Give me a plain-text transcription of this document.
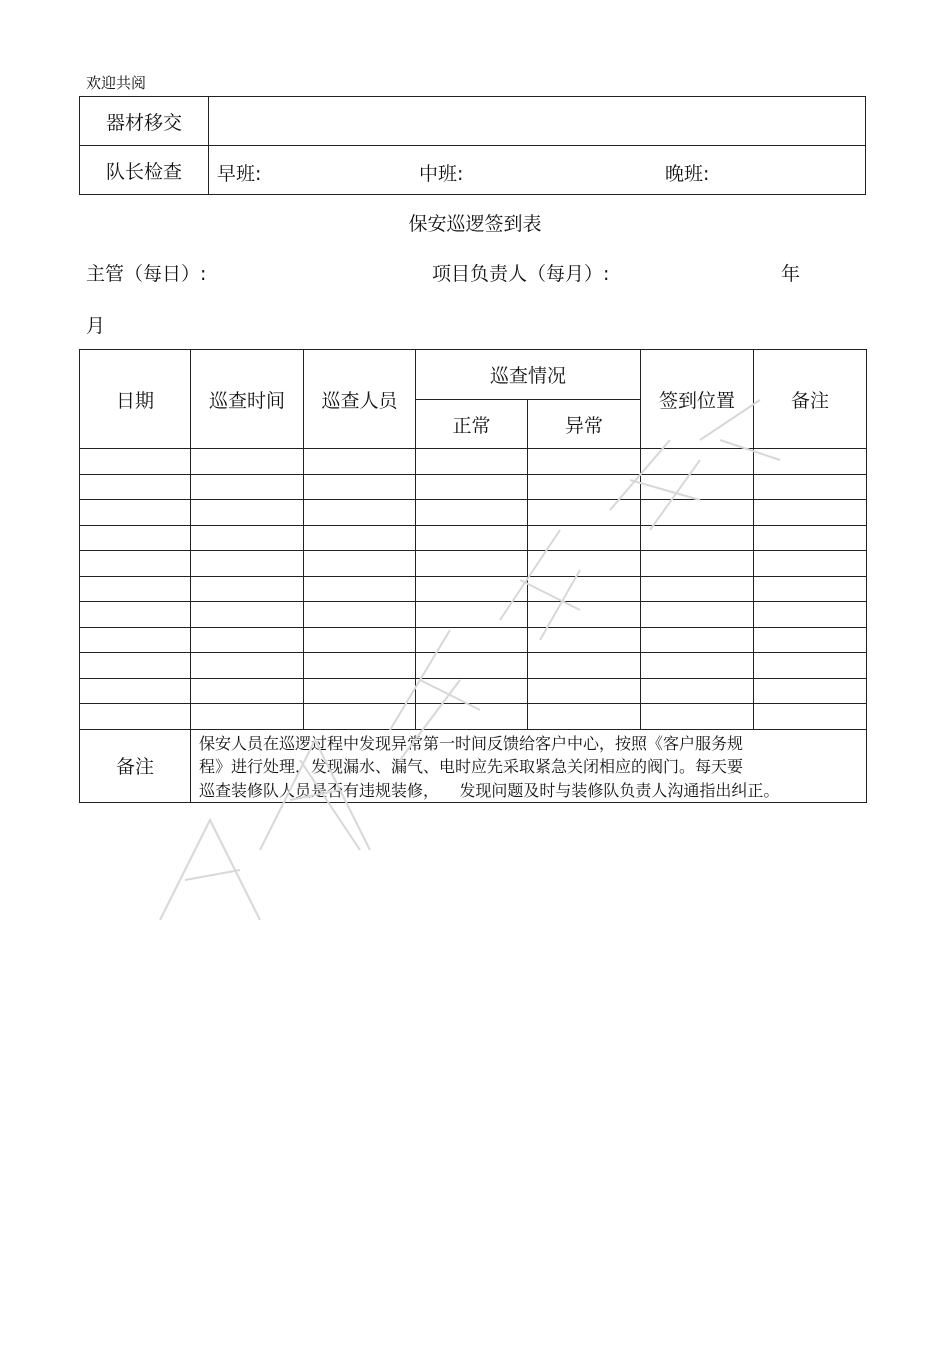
欢迎共阅
器材移交	
队长检查	早班: 中班: 晚班:
保安巡逻签到表
主管（每日）:	项目负责人（每月）:	年
月
日期	巡查时间	巡查人员	巡查情况		签到位置	备注
			正常	异常		

备注	保安人员在巡逻过程中发现异常第一时间反馈给客户中心，按照《客户服务规
程》进行处理，发现漏水、漏气、电时应先采取紧急关闭相应的阀门。每天要
巡查装修队人员是否有违规装修，    发现问题及时与装修队负责人沟通指出纠正。					
